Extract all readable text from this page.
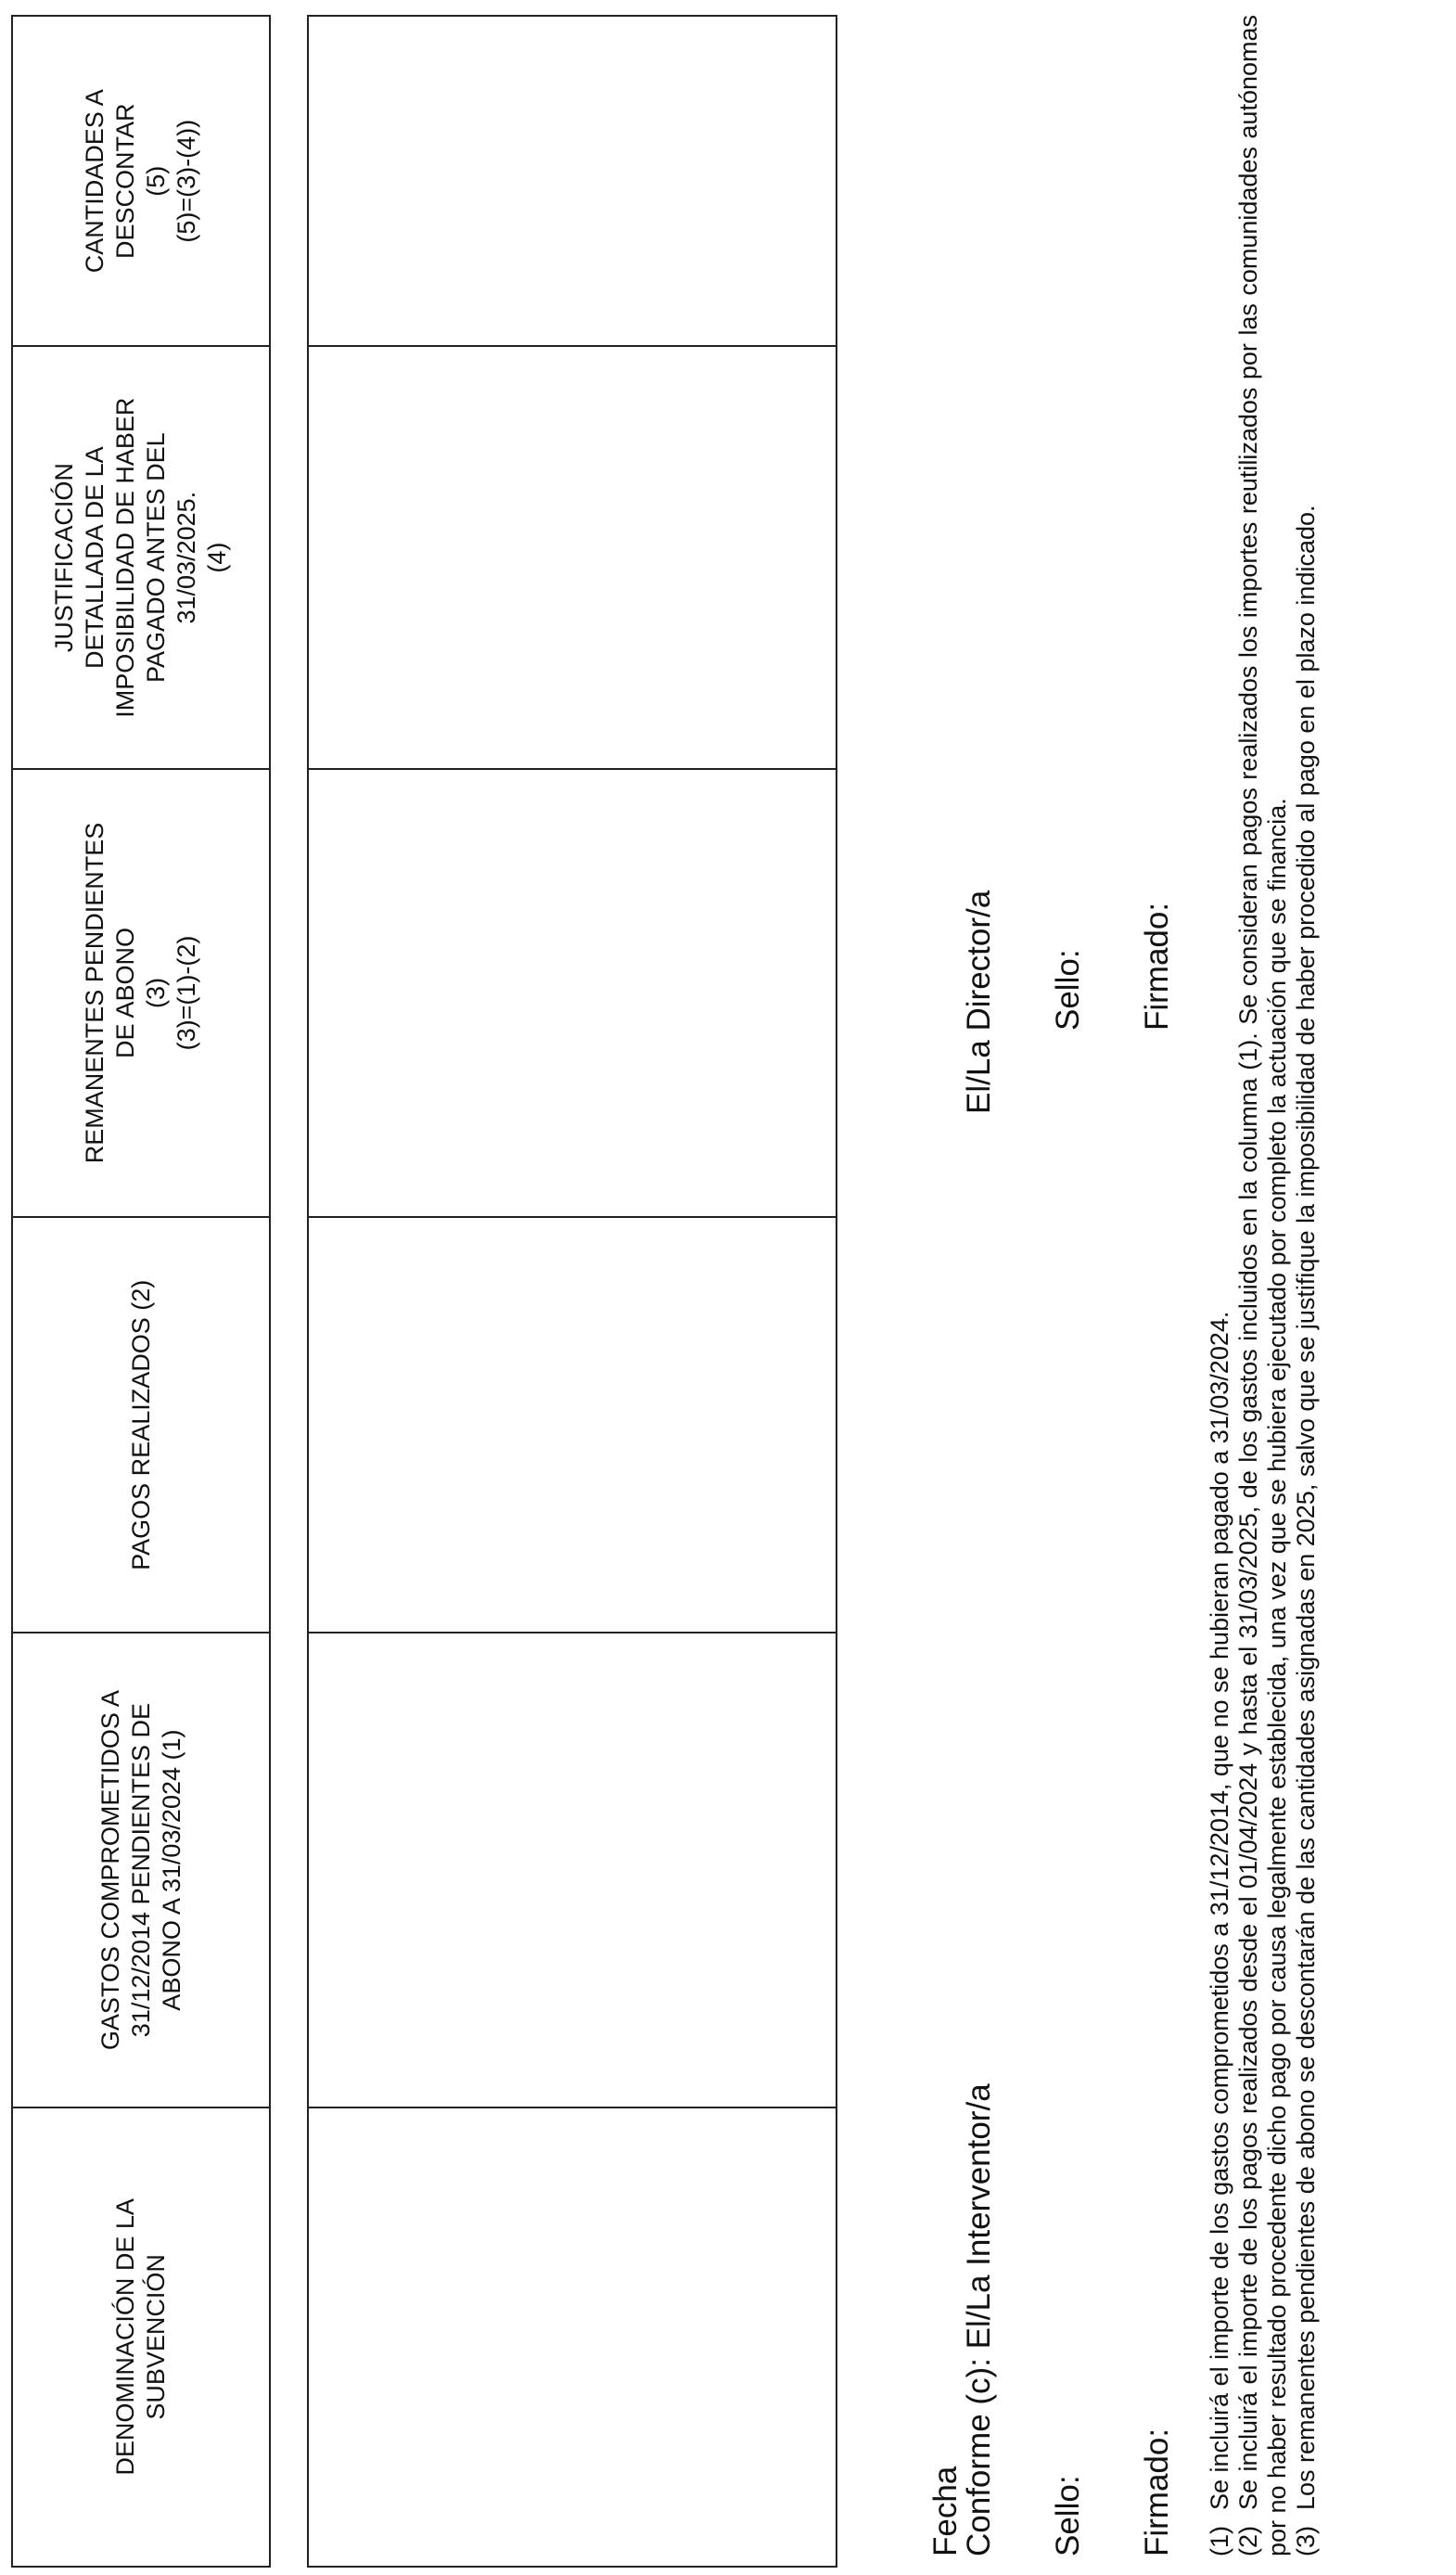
DENOMINACIÓN DE LA
SUBVENCIÓN
GASTOS COMPROMETIDOS A
31/12/2014 PENDIENTES DE
ABONO A 31/03/2024 (1)
PAGOS REALIZADOS (2)
REMANENTES PENDIENTES
DE ABONO
(3)
(3)=(1)-(2)
JUSTIFICACIÓN
DETALLADA DE LA
IMPOSIBILIDAD DE HABER
PAGADO ANTES DEL
31/03/2025.
(4)
CANTIDADES A
DESCONTAR
(5)
(5)=(3)-(4))
Fecha
Conforme (c): El/La Interventor/a Sello: Firmado:
El/La Director/a Sello: Firmado:
(1)Se incluirá el importe de los gastos comprometidos a 31/12/2014, que no se hubieran pagado a 31/03/2024.
(2)Se incluirá el importe de los pagos realizados desde el 01/04/2024 y hasta el 31/03/2025, de los gastos incluidos en la columna (1). Se consideran pagos realizados los importes reutilizados por las comunidades autónomas por no haber resultado procedente dicho pago por causa legalmente establecida, una vez que se hubiera ejecutado por completo la actuación que se financia. (3)Los remanentes pendientes de abono se descontarán de las cantidades asignadas en 2025, salvo que se justifique la imposibilidad de haber procedido al pago en el plazo indicado.
